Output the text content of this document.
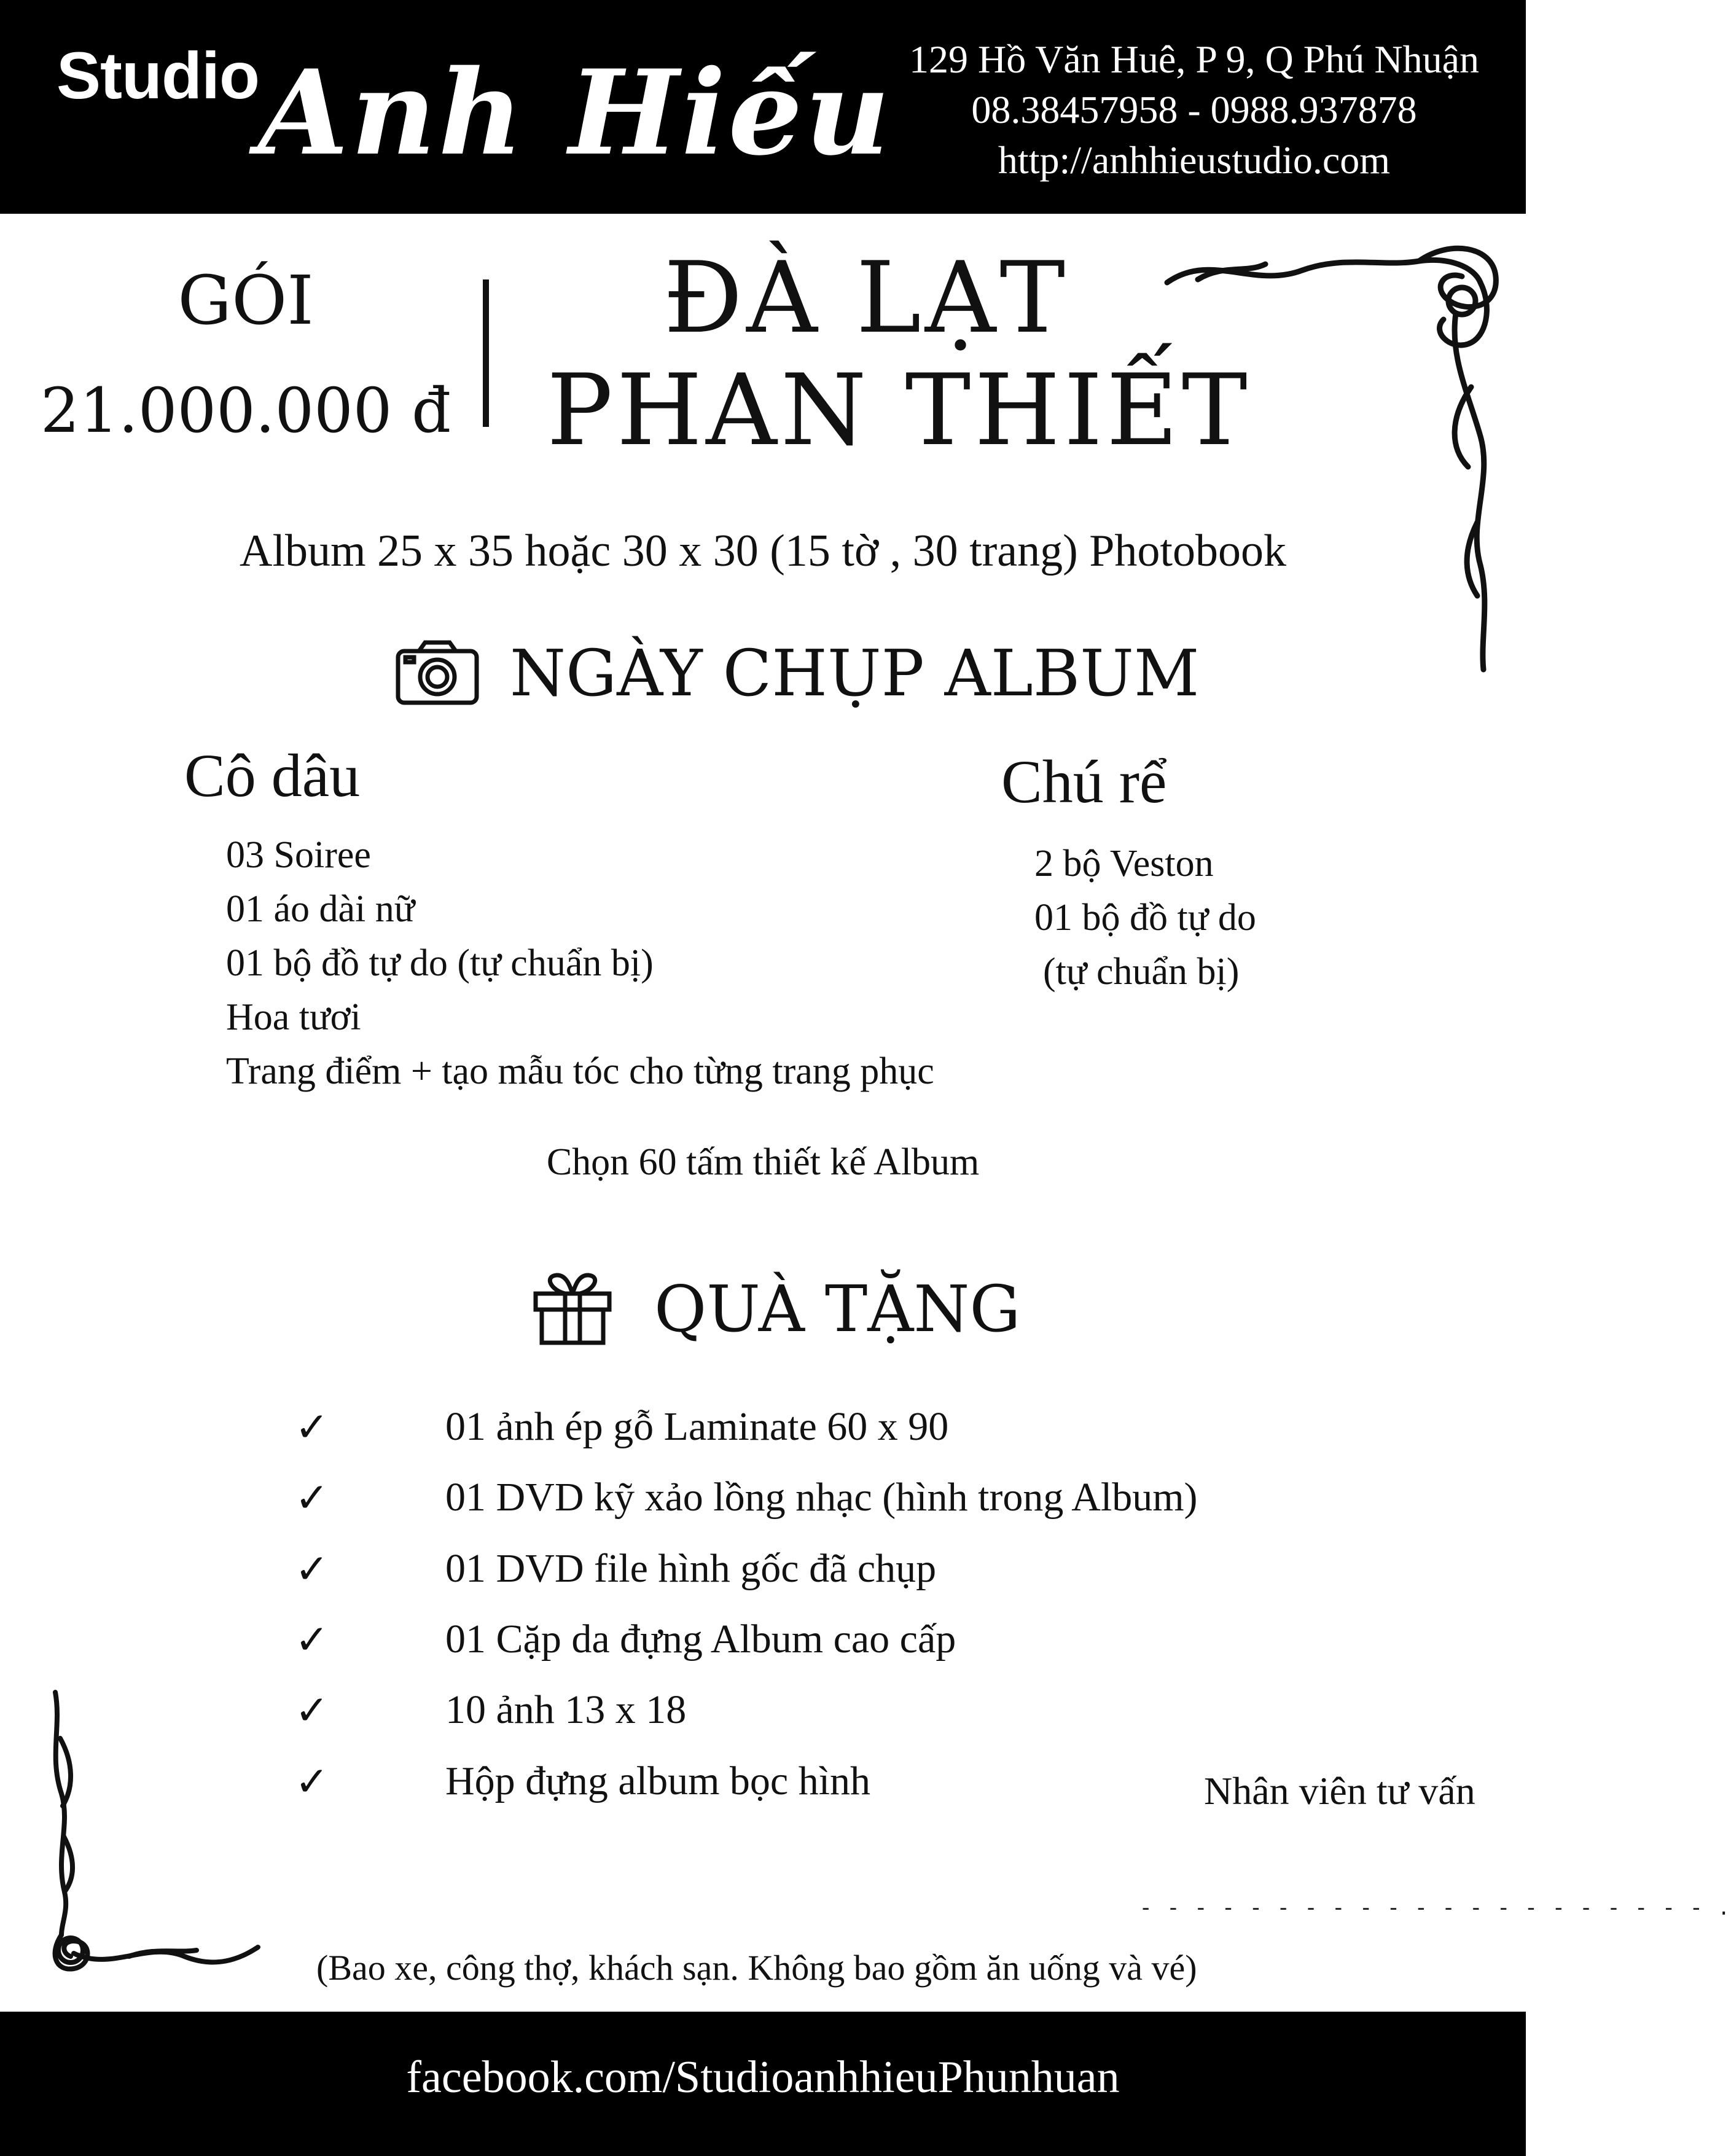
Studio
Anh Hiếu 129 Hồ Văn Huê, P 9, Q Phú Nhuận
08.38457958 - 0988.937878
http://anhhieustudio.com
GÓI
21.000.000 đ
ĐÀ LẠT
PHAN THIẾT
Album 25 x 35 hoặc 30 x 30 (15 tờ , 30 trang) Photobook
NGÀY CHỤP ALBUM
Cô dâu
03 Soiree
01 áo dài nữ
01 bộ đồ tự do (tự chuẩn bị)
Hoa tươi
Trang điểm + tạo mẫu tóc cho từng trang phục
Chú rể
2 bộ Veston
01 bộ đồ tự do
(tự chuẩn bị)
Chọn 60 tấm thiết kế Album
QUÀ TẶNG
✓	01 ảnh ép gỗ Laminate 60 x 90
✓	01 DVD kỹ xảo lồng nhạc (hình trong Album)
✓	01 DVD file hình gốc đã chụp
✓	01 Cặp da đựng Album cao cấp
✓	10 ảnh 13 x 18
✓	Hộp đựng album bọc hình	Nhân viên tư vấn
- - - - - - - - - - - - - - - - - - - - - .
(Bao xe, công thợ, khách sạn. Không bao gồm ăn uống và vé)
facebook.com/StudioanhhieuPhunhuan
